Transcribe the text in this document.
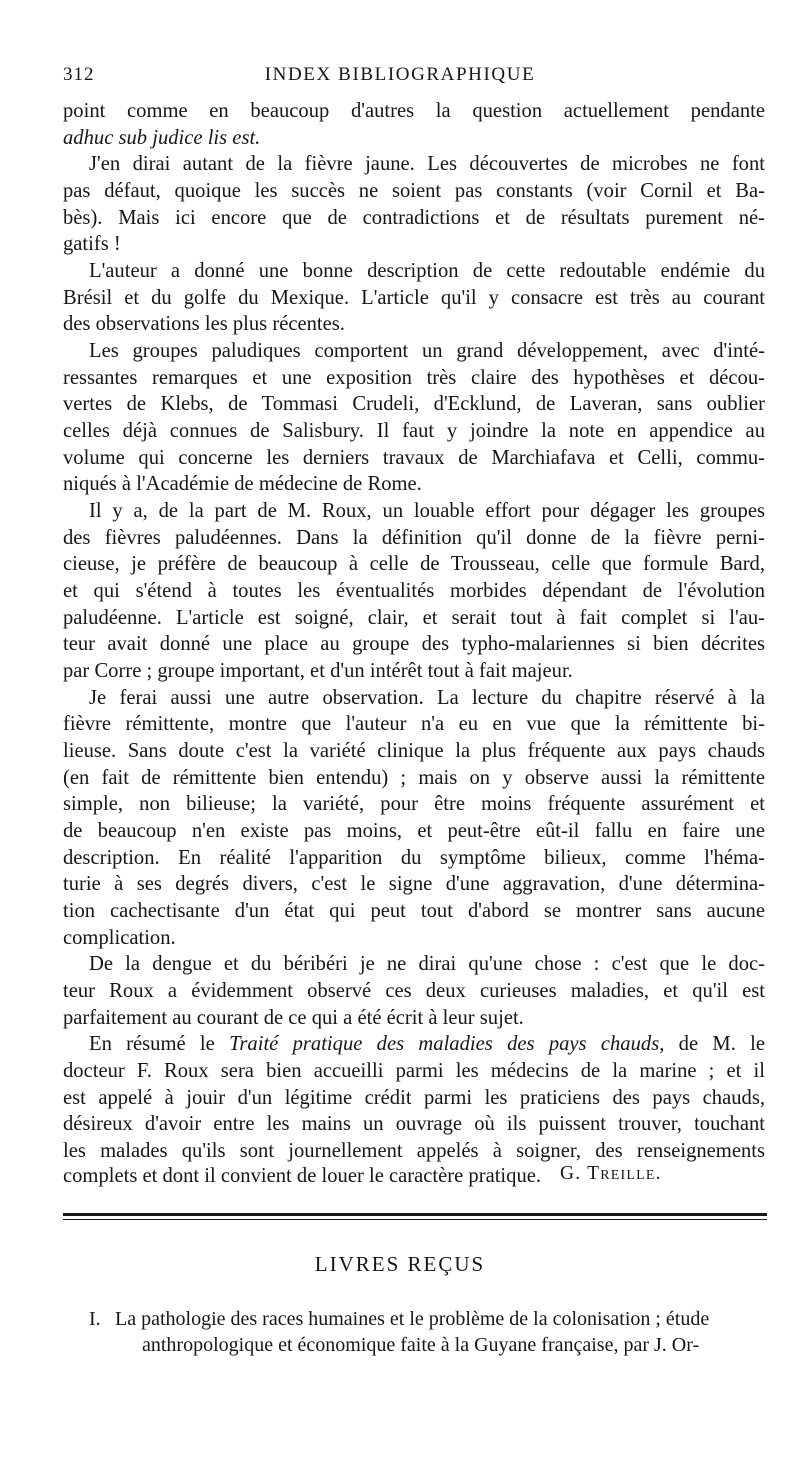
312	INDEX BIBLIOGRAPHIQUE
point comme en beaucoup d'autres la question actuellement pendante
adhuc sub judice lis est.
J'en dirai autant de la fièvre jaune. Les découvertes de microbes ne font
pas défaut, quoique les succès ne soient pas constants (voir Cornil et Ba-
bès). Mais ici encore que de contradictions et de résultats purement né-
gatifs !
L'auteur a donné une bonne description de cette redoutable endémie du
Brésil et du golfe du Mexique. L'article qu'il y consacre est très au courant
des observations les plus récentes.
Les groupes paludiques comportent un grand développement, avec d'inté-
ressantes remarques et une exposition très claire des hypothèses et décou-
vertes de Klebs, de Tommasi Crudeli, d'Ecklund, de Laveran, sans oublier
celles déjà connues de Salisbury. Il faut y joindre la note en appendice au
volume qui concerne les derniers travaux de Marchiafava et Celli, commu-
niqués à l'Académie de médecine de Rome.
Il y a, de la part de M. Roux, un louable effort pour dégager les groupes
des fièvres paludéennes. Dans la définition qu'il donne de la fièvre perni-
cieuse, je préfère de beaucoup à celle de Trousseau, celle que formule Bard,
et qui s'étend à toutes les éventualités morbides dépendant de l'évolution
paludéenne. L'article est soigné, clair, et serait tout à fait complet si l'au-
teur avait donné une place au groupe des typho-malariennes si bien décrites
par Corre ; groupe important, et d'un intérêt tout à fait majeur.
Je ferai aussi une autre observation. La lecture du chapitre réservé à la
fièvre rémittente, montre que l'auteur n'a eu en vue que la rémittente bi-
lieuse. Sans doute c'est la variété clinique la plus fréquente aux pays chauds
(en fait de rémittente bien entendu) ; mais on y observe aussi la rémittente
simple, non bilieuse; la variété, pour être moins fréquente assurément et
de beaucoup n'en existe pas moins, et peut-être eût-il fallu en faire une
description. En réalité l'apparition du symptôme bilieux, comme l'héma-
turie à ses degrés divers, c'est le signe d'une aggravation, d'une détermina-
tion cachectisante d'un état qui peut tout d'abord se montrer sans aucune
complication.
De la dengue et du béribéri je ne dirai qu'une chose : c'est que le doc-
teur Roux a évidemment observé ces deux curieuses maladies, et qu'il est
parfaitement au courant de ce qui a été écrit à leur sujet.
En résumé le Traité pratique des maladies des pays chauds, de M. le
docteur F. Roux sera bien accueilli parmi les médecins de la marine ; et il
est appelé à jouir d'un légitime crédit parmi les praticiens des pays chauds,
désireux d'avoir entre les mains un ouvrage où ils puissent trouver, touchant
les malades qu'ils sont journellement appelés à soigner, des renseignements
complets et dont il convient de louer le caractère pratique. G. Treille.
LIVRES REÇUS
I. La pathologie des races humaines et le problème de la colonisation ; étude
anthropologique et économique faite à la Guyane française, par J. Or-
